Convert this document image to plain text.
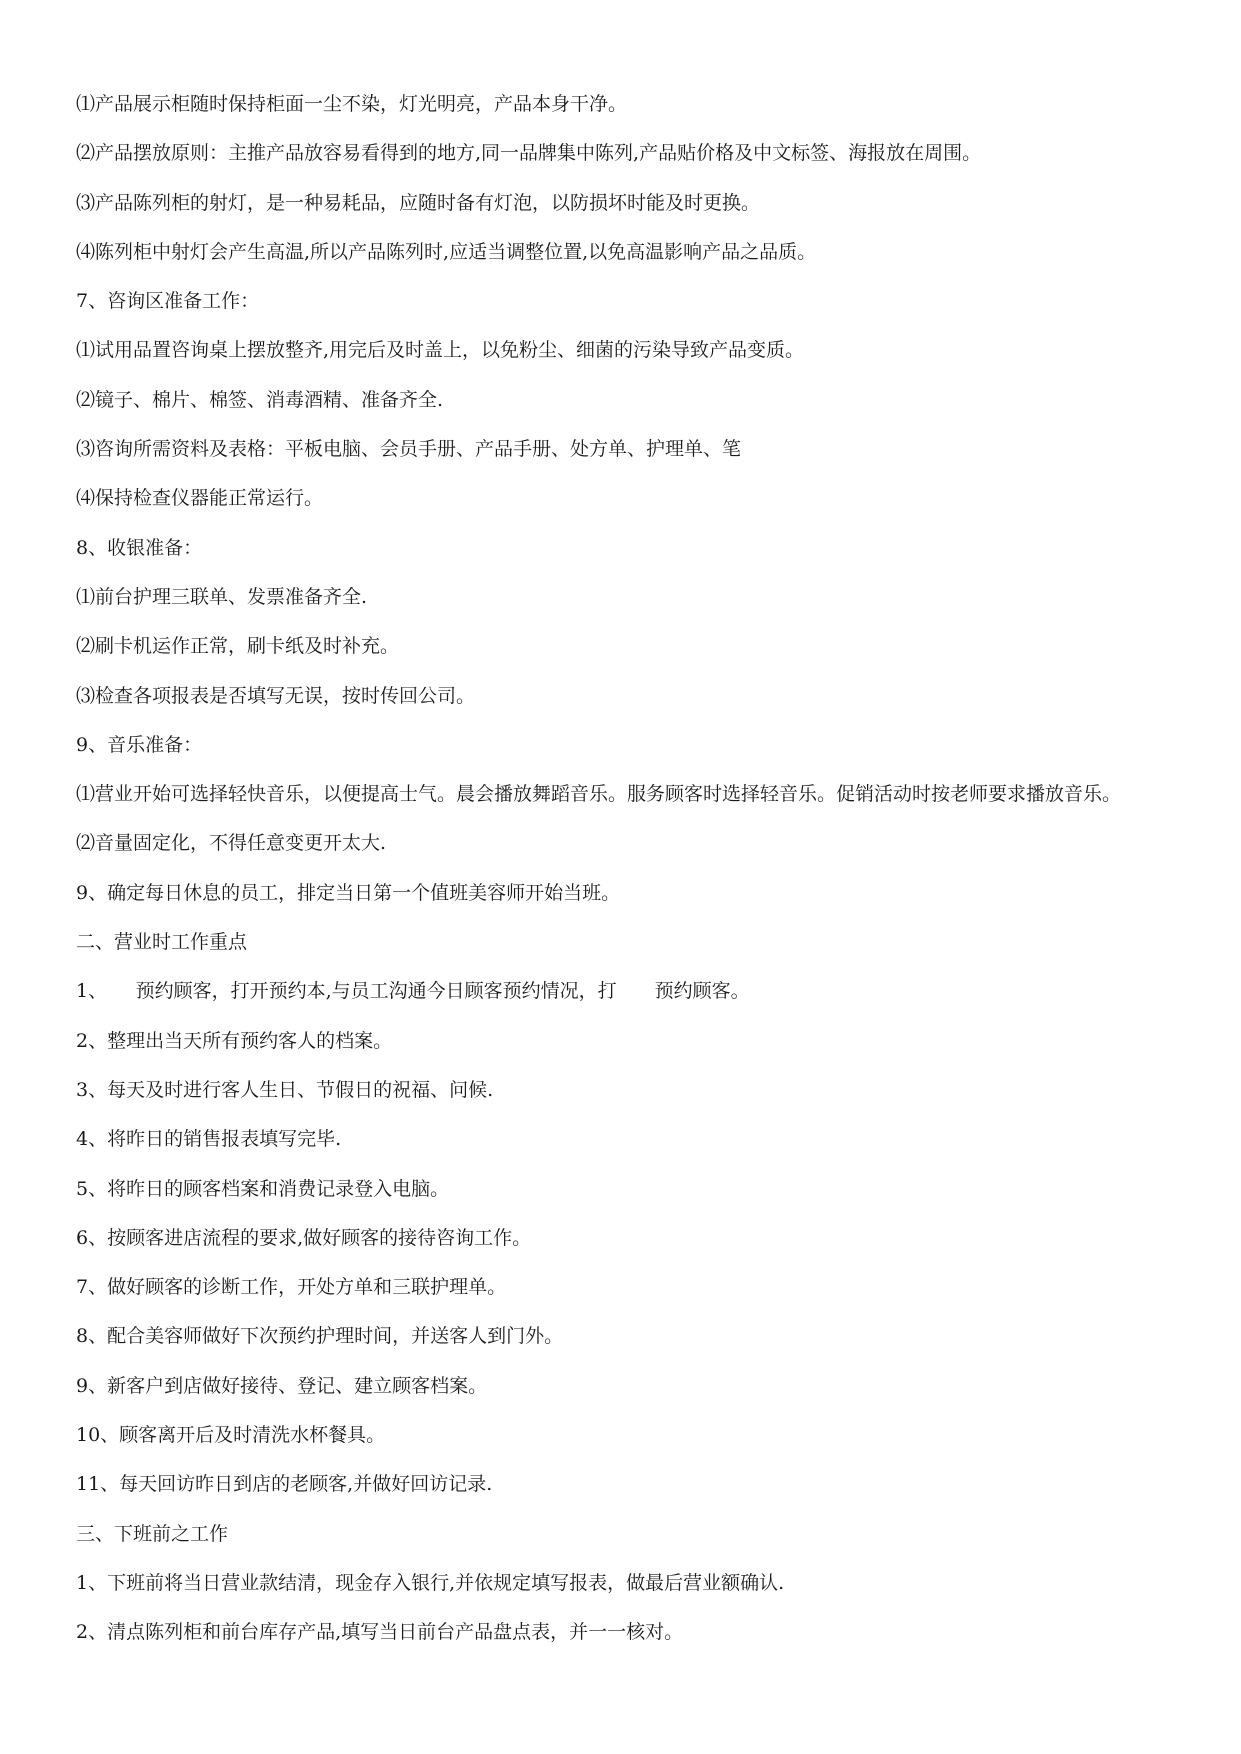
⑴产品展示柜随时保持柜面一尘不染，灯光明亮，产品本身干净。

⑵产品摆放原则：主推产品放容易看得到的地方,同一品牌集中陈列,产品贴价格及中文标签、海报放在周围。

⑶产品陈列柜的射灯，是一种易耗品，应随时备有灯泡，以防损坏时能及时更换。

⑷陈列柜中射灯会产生高温,所以产品陈列时,应适当调整位置,以免高温影响产品之品质。

7、咨询区准备工作：

⑴试用品置咨询桌上摆放整齐,用完后及时盖上，以免粉尘、细菌的污染导致产品变质。

⑵镜子、棉片、棉签、消毒酒精、准备齐全.

⑶咨询所需资料及表格：平板电脑、会员手册、产品手册、处方单、护理单、笔

⑷保持检查仪器能正常运行。

8、收银准备：

⑴前台护理三联单、发票准备齐全.

⑵刷卡机运作正常，刷卡纸及时补充。

⑶检查各项报表是否填写无误，按时传回公司。

9、音乐准备：

⑴营业开始可选择轻快音乐，以便提高士气。晨会播放舞蹈音乐。服务顾客时选择轻音乐。促销活动时按老师要求播放音乐。

⑵音量固定化，不得任意变更开太大.

9、确定每日休息的员工，排定当日第一个值班美容师开始当班。

二、营业时工作重点

1、　　预约顾客，打开预约本,与员工沟通今日顾客预约情况，打　　预约顾客。

2、整理出当天所有预约客人的档案。

3、每天及时进行客人生日、节假日的祝福、问候.

4、将昨日的销售报表填写完毕.

5、将昨日的顾客档案和消费记录登入电脑。

6、按顾客进店流程的要求,做好顾客的接待咨询工作。

7、做好顾客的诊断工作，开处方单和三联护理单。

8、配合美容师做好下次预约护理时间，并送客人到门外。

9、新客户到店做好接待、登记、建立顾客档案。

10、顾客离开后及时清洗水杯餐具。

11、每天回访昨日到店的老顾客,并做好回访记录.

三、下班前之工作

1、下班前将当日营业款结清，现金存入银行,并依规定填写报表，做最后营业额确认.

2、清点陈列柜和前台库存产品,填写当日前台产品盘点表，并一一核对。
